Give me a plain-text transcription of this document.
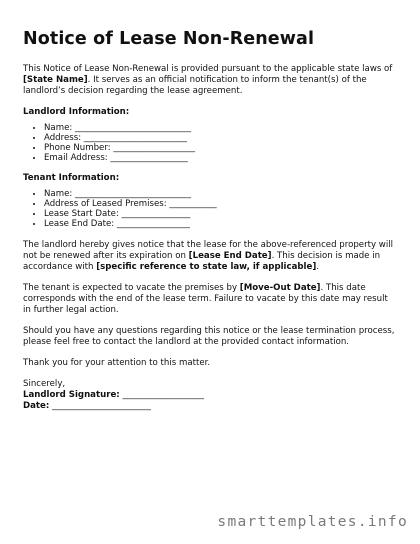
Notice of Lease Non-Renewal

This Notice of Lease Non-Renewal is provided pursuant to the applicable state laws of [State Name]. It serves as an official notification to inform the tenant(s) of the landlord’s decision regarding the lease agreement.

Landlord Information:
• Name: ___________________________
• Address: ________________________
• Phone Number: ___________________
• Email Address: __________________
Tenant Information:
• Name: ___________________________
• Address of Leased Premises: ___________
• Lease Start Date: ________________
• Lease End Date: _________________

The landlord hereby gives notice that the lease for the above-referenced property will not be renewed after its expiration on [Lease End Date]. This decision is made in accordance with [specific reference to state law, if applicable].

The tenant is expected to vacate the premises by [Move-Out Date]. This date corresponds with the end of the lease term. Failure to vacate by this date may result in further legal action.

Should you have any questions regarding this notice or the lease termination process, please feel free to contact the landlord at the provided contact information.

Thank you for your attention to this matter.

Sincerely,

Landlord Signature: ___________________

Date: _______________________

smarttemplates.info
